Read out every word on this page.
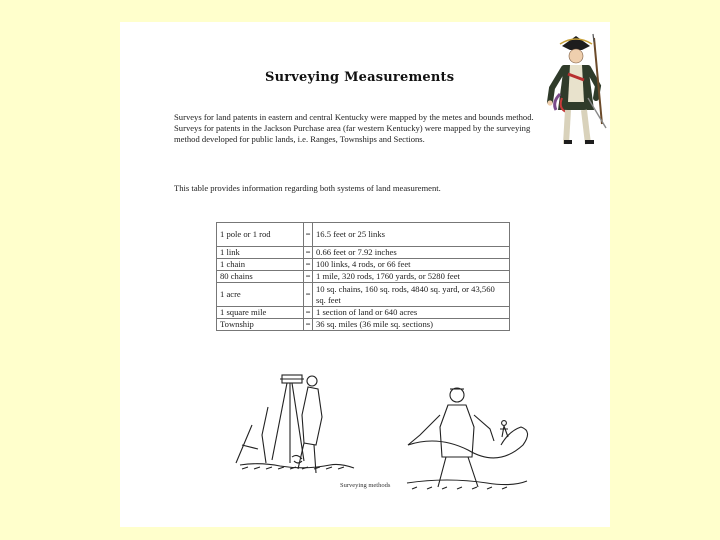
Surveying Measurements
Surveys for land patents in eastern and central Kentucky were mapped by the metes and bounds method. Surveys for patents in the Jackson Purchase area (far western Kentucky) were mapped by the surveying method developed for public lands, i.e. Ranges, Townships and Sections.
This table provides information regarding both systems of land measurement.
1 pole or 1 rod	=	16.5 feet or 25 links
1 link	=	0.66 feet or 7.92 inches
1 chain	=	100 links, 4 rods, or 66 feet
80 chains	=	1 mile, 320 rods, 1760 yards, or 5280 feet
1 acre	=	10 sq. chains, 160 sq. rods, 4840 sq. yard, or 43,560 sq. feet
1 square mile	=	1 section of land or 640 acres
Township	=	36 sq. miles (36 mile sq. sections)
Surveying methods
